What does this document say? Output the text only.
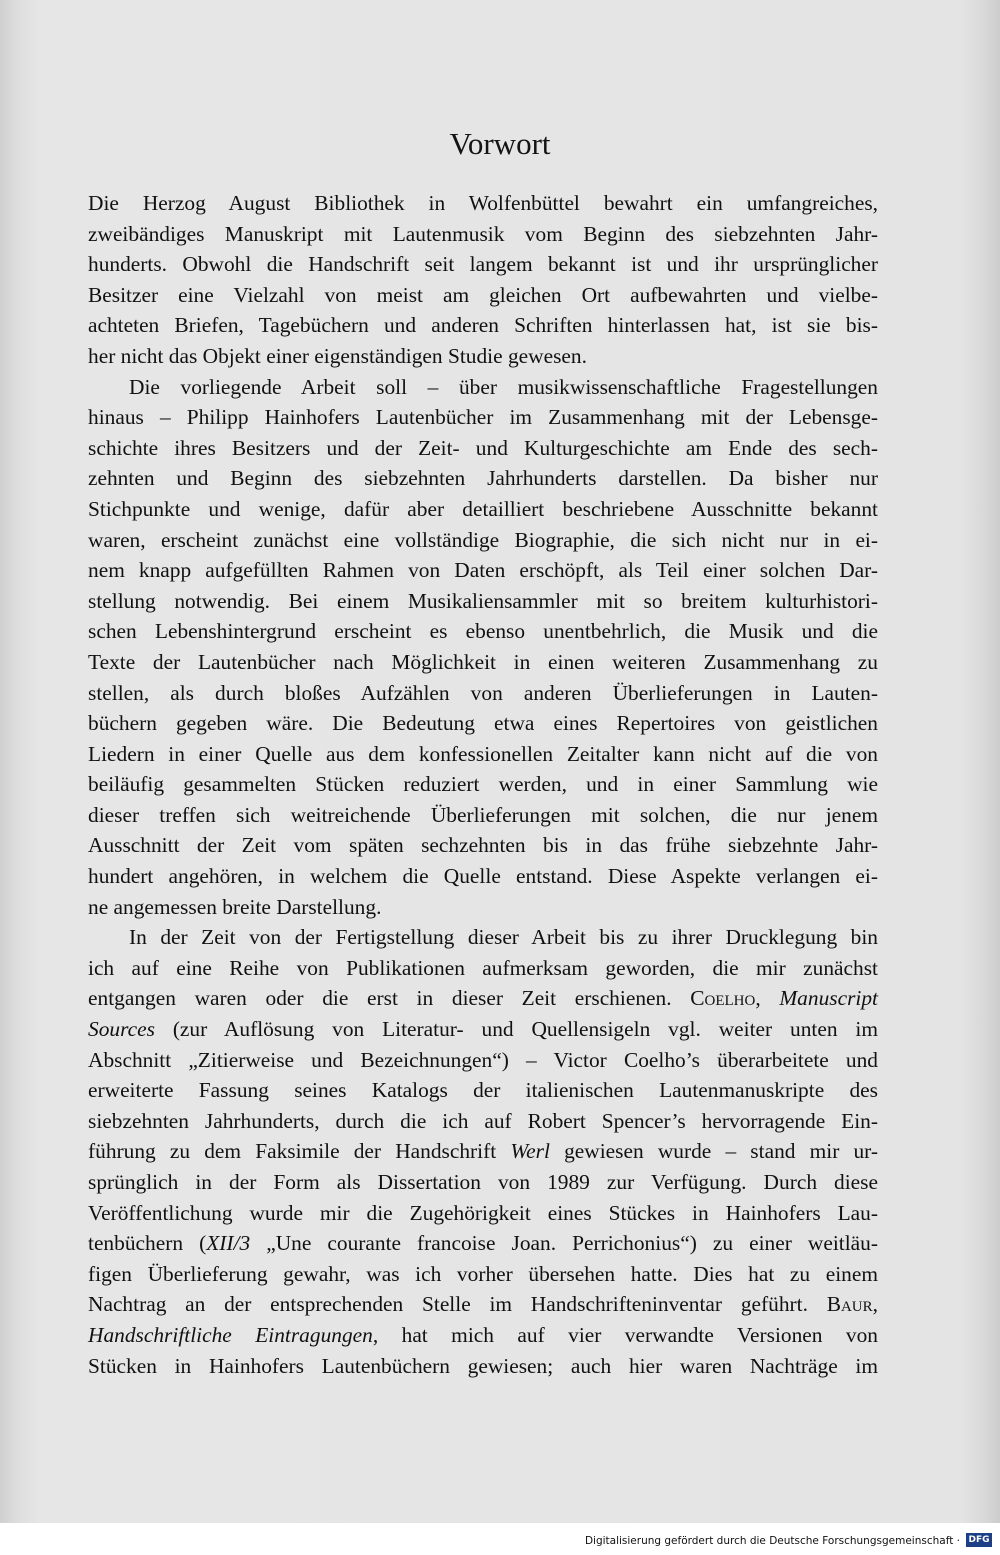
Vorwort

Die Herzog August Bibliothek in Wolfenbüttel bewahrt ein umfangreiches,
zweibändiges Manuskript mit Lautenmusik vom Beginn des siebzehnten Jahr-
hunderts. Obwohl die Handschrift seit langem bekannt ist und ihr ursprünglicher
Besitzer eine Vielzahl von meist am gleichen Ort aufbewahrten und vielbe-
achteten Briefen, Tagebüchern und anderen Schriften hinterlassen hat, ist sie bis-
her nicht das Objekt einer eigenständigen Studie gewesen.

Die vorliegende Arbeit soll – über musikwissenschaftliche Fragestellungen
hinaus – Philipp Hainhofers Lautenbücher im Zusammenhang mit der Lebensge-
schichte ihres Besitzers und der Zeit- und Kulturgeschichte am Ende des sech-
zehnten und Beginn des siebzehnten Jahrhunderts darstellen. Da bisher nur
Stichpunkte und wenige, dafür aber detailliert beschriebene Ausschnitte bekannt
waren, erscheint zunächst eine vollständige Biographie, die sich nicht nur in ei-
nem knapp aufgefüllten Rahmen von Daten erschöpft, als Teil einer solchen Dar-
stellung notwendig. Bei einem Musikaliensammler mit so breitem kulturhistori-
schen Lebenshintergrund erscheint es ebenso unentbehrlich, die Musik und die
Texte der Lautenbücher nach Möglichkeit in einen weiteren Zusammenhang zu
stellen, als durch bloßes Aufzählen von anderen Überlieferungen in Lauten-
büchern gegeben wäre. Die Bedeutung etwa eines Repertoires von geistlichen
Liedern in einer Quelle aus dem konfessionellen Zeitalter kann nicht auf die von
beiläufig gesammelten Stücken reduziert werden, und in einer Sammlung wie
dieser treffen sich weitreichende Überlieferungen mit solchen, die nur jenem
Ausschnitt der Zeit vom späten sechzehnten bis in das frühe siebzehnte Jahr-
hundert angehören, in welchem die Quelle entstand. Diese Aspekte verlangen ei-
ne angemessen breite Darstellung.

In der Zeit von der Fertigstellung dieser Arbeit bis zu ihrer Drucklegung bin
ich auf eine Reihe von Publikationen aufmerksam geworden, die mir zunächst
entgangen waren oder die erst in dieser Zeit erschienen. Coelho, Manuscript
Sources (zur Auflösung von Literatur- und Quellensigeln vgl. weiter unten im
Abschnitt „Zitierweise und Bezeichnungen“) – Victor Coelho’s überarbeitete und
erweiterte Fassung seines Katalogs der italienischen Lautenmanuskripte des
siebzehnten Jahrhunderts, durch die ich auf Robert Spencer’s hervorragende Ein-
führung zu dem Faksimile der Handschrift Werl gewiesen wurde – stand mir ur-
sprünglich in der Form als Dissertation von 1989 zur Verfügung. Durch diese
Veröffentlichung wurde mir die Zugehörigkeit eines Stückes in Hainhofers Lau-
tenbüchern (XII/3 „Une courante francoise Joan. Perrichonius“) zu einer weitläu-
figen Überlieferung gewahr, was ich vorher übersehen hatte. Dies hat zu einem
Nachtrag an der entsprechenden Stelle im Handschrifteninventar geführt. Baur,
Handschriftliche Eintragungen, hat mich auf vier verwandte Versionen von
Stücken in Hainhofers Lautenbüchern gewiesen; auch hier waren Nachträge im

Digitalisierung gefördert durch die Deutsche Forschungsgemeinschaft · DFG
